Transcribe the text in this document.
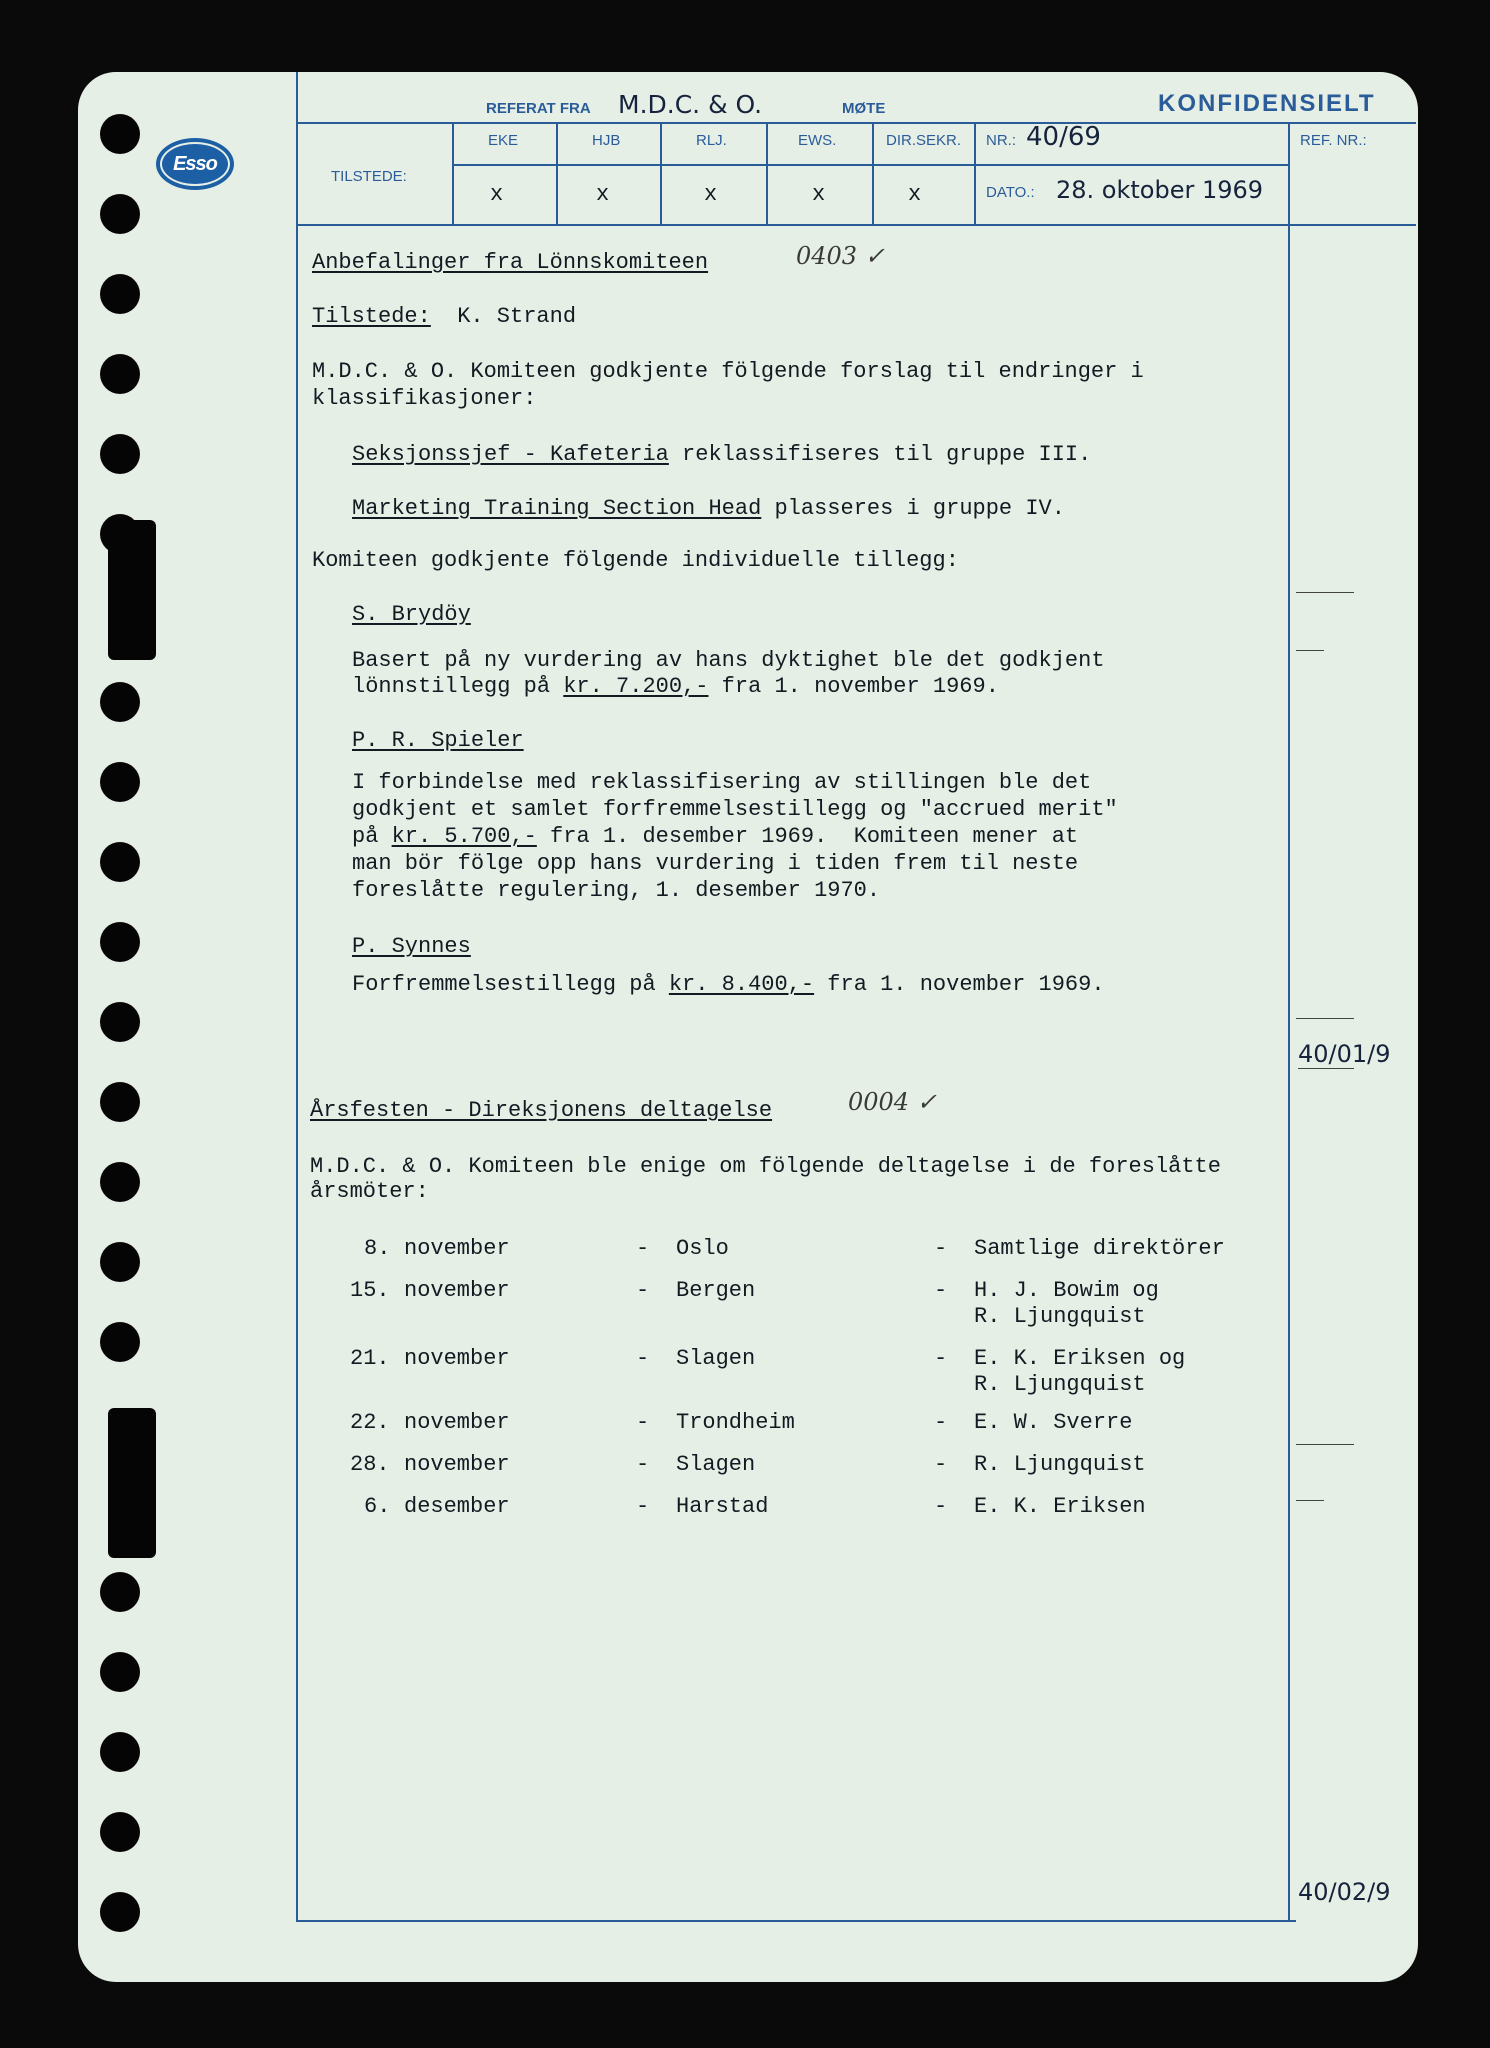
Esso
REFERAT FRA M.D.C. & O.	MØTE	KONFIDENSIELT
TILSTEDE:
EKE	HJB	RLJ.	EWS.	DIR.SEKR.
x	x	x	x	x
NR.: 40/69
DATO.: 28. oktober 1969
REF. NR.:
Anbefalinger fra Lönnskomiteen	0403 ✓
Tilstede: K. Strand
M.D.C. & O. Komiteen godkjente fölgende forslag til endringer i
klassifikasjoner:
Seksjonssjef - Kafeteria reklassifiseres til gruppe III.
Marketing Training Section Head plasseres i gruppe IV.
Komiteen godkjente fölgende individuelle tillegg:
S. Brydöy
Basert på ny vurdering av hans dyktighet ble det godkjent
lönnstillegg på kr. 7.200,- fra 1. november 1969.
P. R. Spieler
I forbindelse med reklassifisering av stillingen ble det
godkjent et samlet forfremmelsestillegg og "accrued merit"
på kr. 5.700,- fra 1. desember 1969.  Komiteen mener at
man bör fölge opp hans vurdering i tiden frem til neste
foreslåtte regulering, 1. desember 1970.
P. Synnes
Forfremmelsestillegg på kr. 8.400,- fra 1. november 1969.
40/01/9
Årsfesten - Direksjonens deltagelse	0004 ✓
M.D.C. & O. Komiteen ble enige om fölgende deltagelse i de foreslåtte
årsmöter:
8. november	- Oslo	- Samtlige direktörer
15. november	- Bergen	- H. J. Bowim og
R. Ljungquist
21. november	- Slagen	- E. K. Eriksen og
R. Ljungquist
22. november	- Trondheim	- E. W. Sverre
28. november	- Slagen	- R. Ljungquist
6. desember	- Harstad	- E. K. Eriksen
40/02/9
